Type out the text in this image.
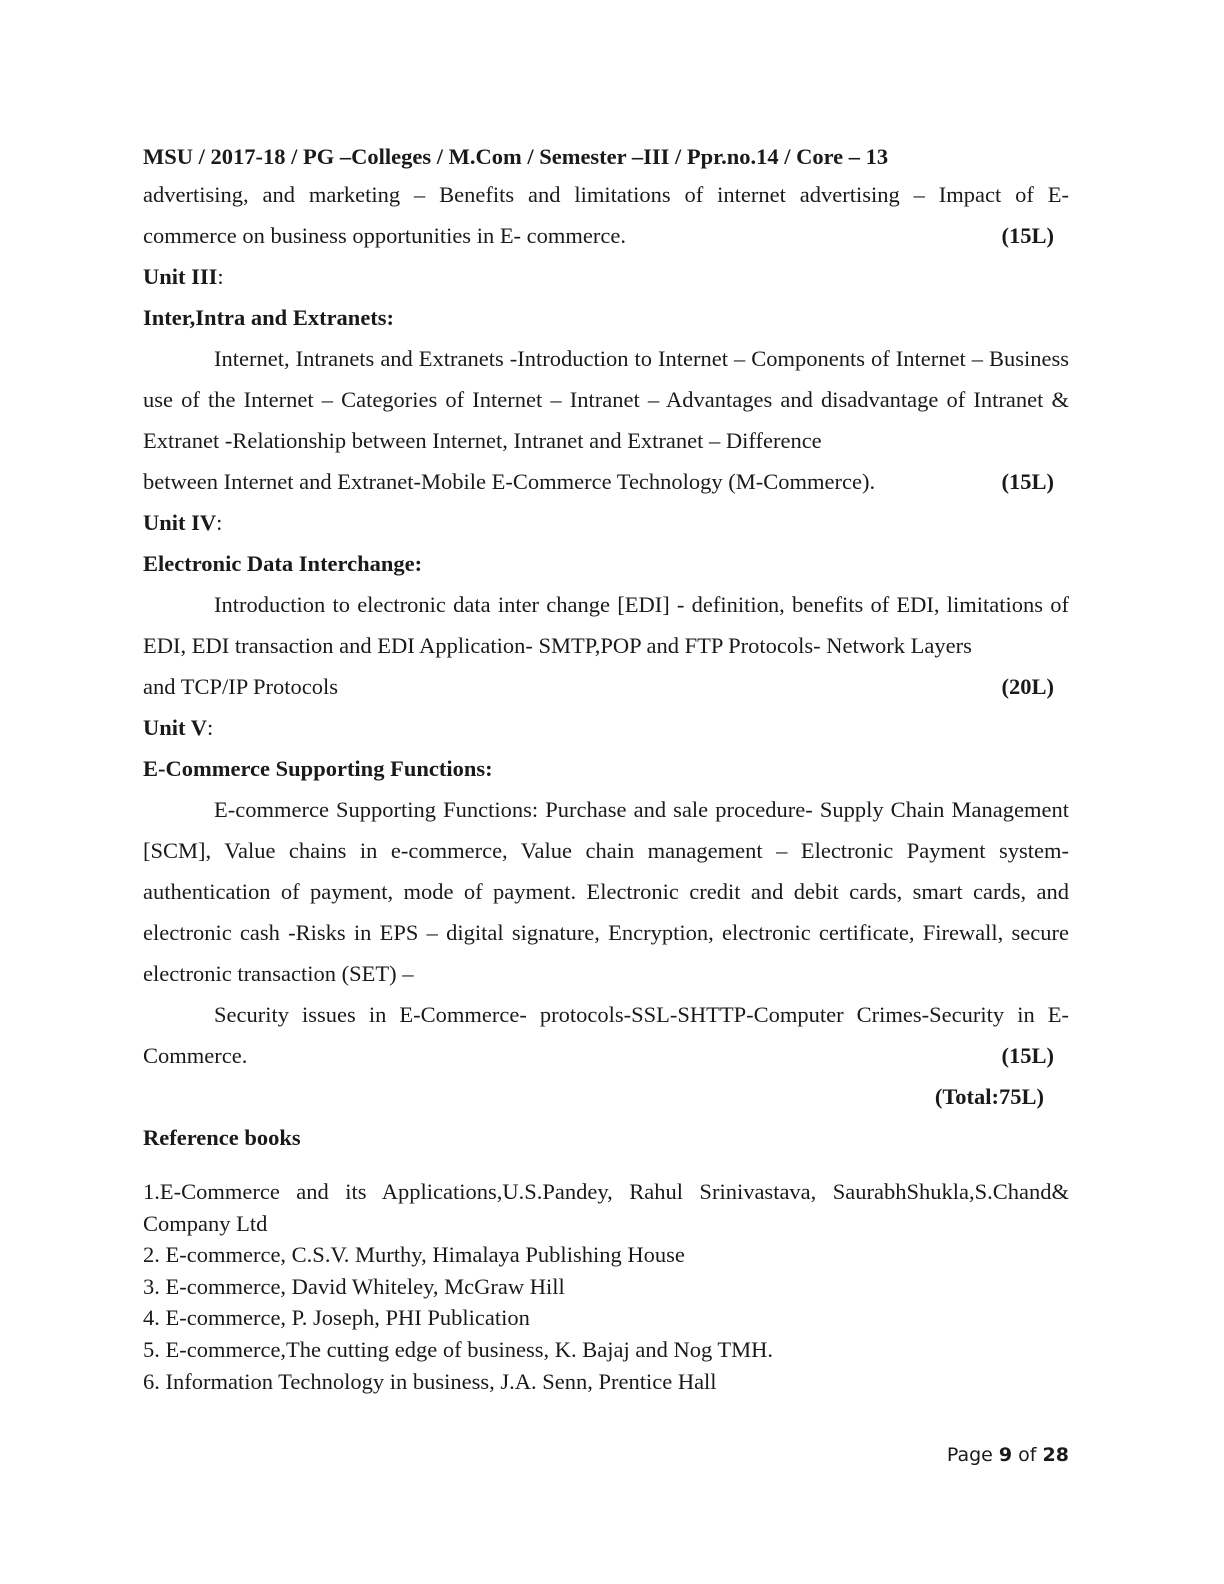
MSU / 2017-18 / PG –Colleges / M.Com / Semester –III / Ppr.no.14 / Core – 13
advertising, and marketing – Benefits and limitations of internet advertising – Impact of E-
commerce on business opportunities in E- commerce.	(15L)
Unit III:
Inter,Intra and Extranets:
Internet, Intranets and Extranets -Introduction to Internet – Components of Internet – Business use of the Internet – Categories of Internet – Intranet – Advantages and disadvantage of Intranet & Extranet -Relationship between Internet, Intranet and Extranet – Difference
between Internet and Extranet-Mobile E-Commerce Technology (M-Commerce).	(15L)
Unit IV:
Electronic Data Interchange:
Introduction to electronic data inter change [EDI] - definition, benefits of EDI, limitations of EDI, EDI transaction and EDI Application- SMTP,POP and FTP Protocols- Network Layers
and TCP/IP Protocols	(20L)
Unit V:
E-Commerce Supporting Functions:
E-commerce Supporting Functions: Purchase and sale procedure- Supply Chain Management [SCM], Value chains in e-commerce, Value chain management – Electronic Payment system- authentication of payment, mode of payment. Electronic credit and debit cards, smart cards, and electronic cash -Risks in EPS – digital signature, Encryption, electronic certificate, Firewall, secure electronic transaction (SET) –
Security issues in E-Commerce- protocols-SSL-SHTTP-Computer Crimes-Security in E-
Commerce.	(15L)
(Total:75L)
Reference books
1.E-Commerce and its Applications,U.S.Pandey, Rahul Srinivastava, SaurabhShukla,S.Chand& Company Ltd
2. E-commerce, C.S.V. Murthy, Himalaya Publishing House
3. E-commerce, David Whiteley, McGraw Hill
4. E-commerce, P. Joseph, PHI Publication
5. E-commerce,The cutting edge of business, K. Bajaj and Nog TMH.
6. Information Technology in business, J.A. Senn, Prentice Hall
Page 9 of 28
